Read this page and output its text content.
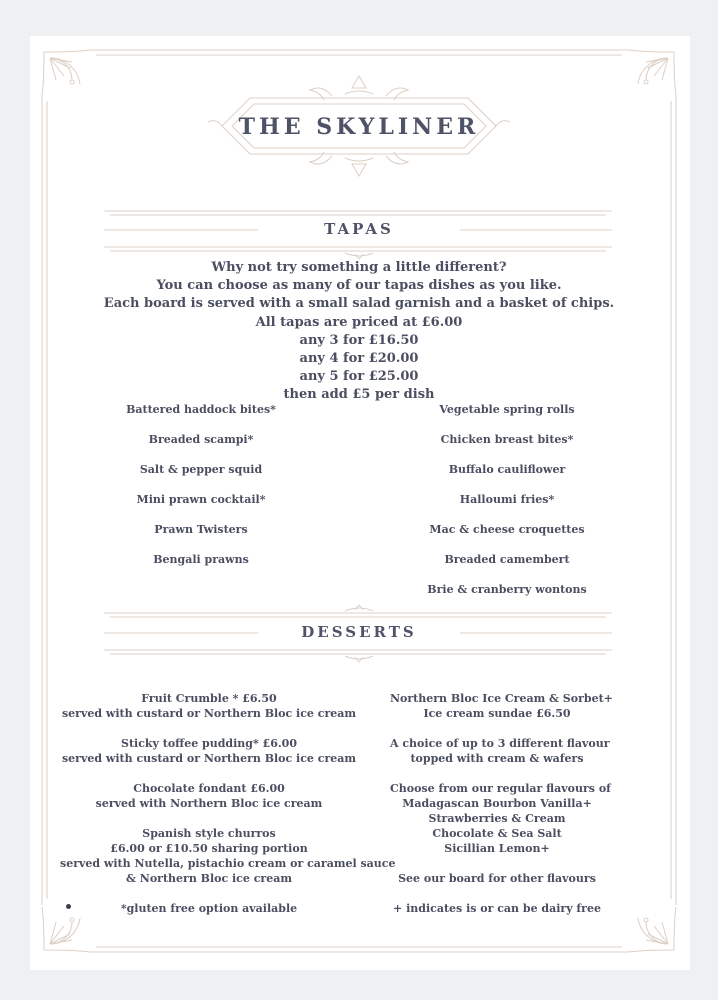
THE SKYLINER
TAPAS
Why not try something a little different?
You can choose as many of our tapas dishes as you like.
Each board is served with a small salad garnish and a basket of chips.
All tapas are priced at £6.00
any 3 for £16.50
any 4 for £20.00
any 5 for £25.00
then add £5 per dish
Battered haddock bites*
Breaded scampi*
Salt & pepper squid
Mini prawn cocktail*
Prawn Twisters
Bengali prawns
Vegetable spring rolls
Chicken breast bites*
Buffalo cauliflower
Halloumi fries*
Mac & cheese croquettes
Breaded camembert
Brie & cranberry wontons
DESSERTS
Fruit Crumble * £6.50
served with custard or Northern Bloc ice cream
Sticky toffee pudding* £6.00
served with custard or Northern Bloc ice cream
Chocolate fondant £6.00
served with Northern Bloc ice cream
Spanish style churros
£6.00 or £10.50 sharing portion
served with Nutella, pistachio cream or caramel sauce
& Northern Bloc ice cream
*gluten free option available
Northern Bloc Ice Cream & Sorbet+
Ice cream sundae £6.50
A choice of up to 3 different flavour
topped with cream & wafers
Choose from our regular flavours of
Madagascan Bourbon Vanilla+
Strawberries & Cream
Chocolate & Sea Salt
Sicillian Lemon+
See our board for other flavours
+ indicates is or can be dairy free
